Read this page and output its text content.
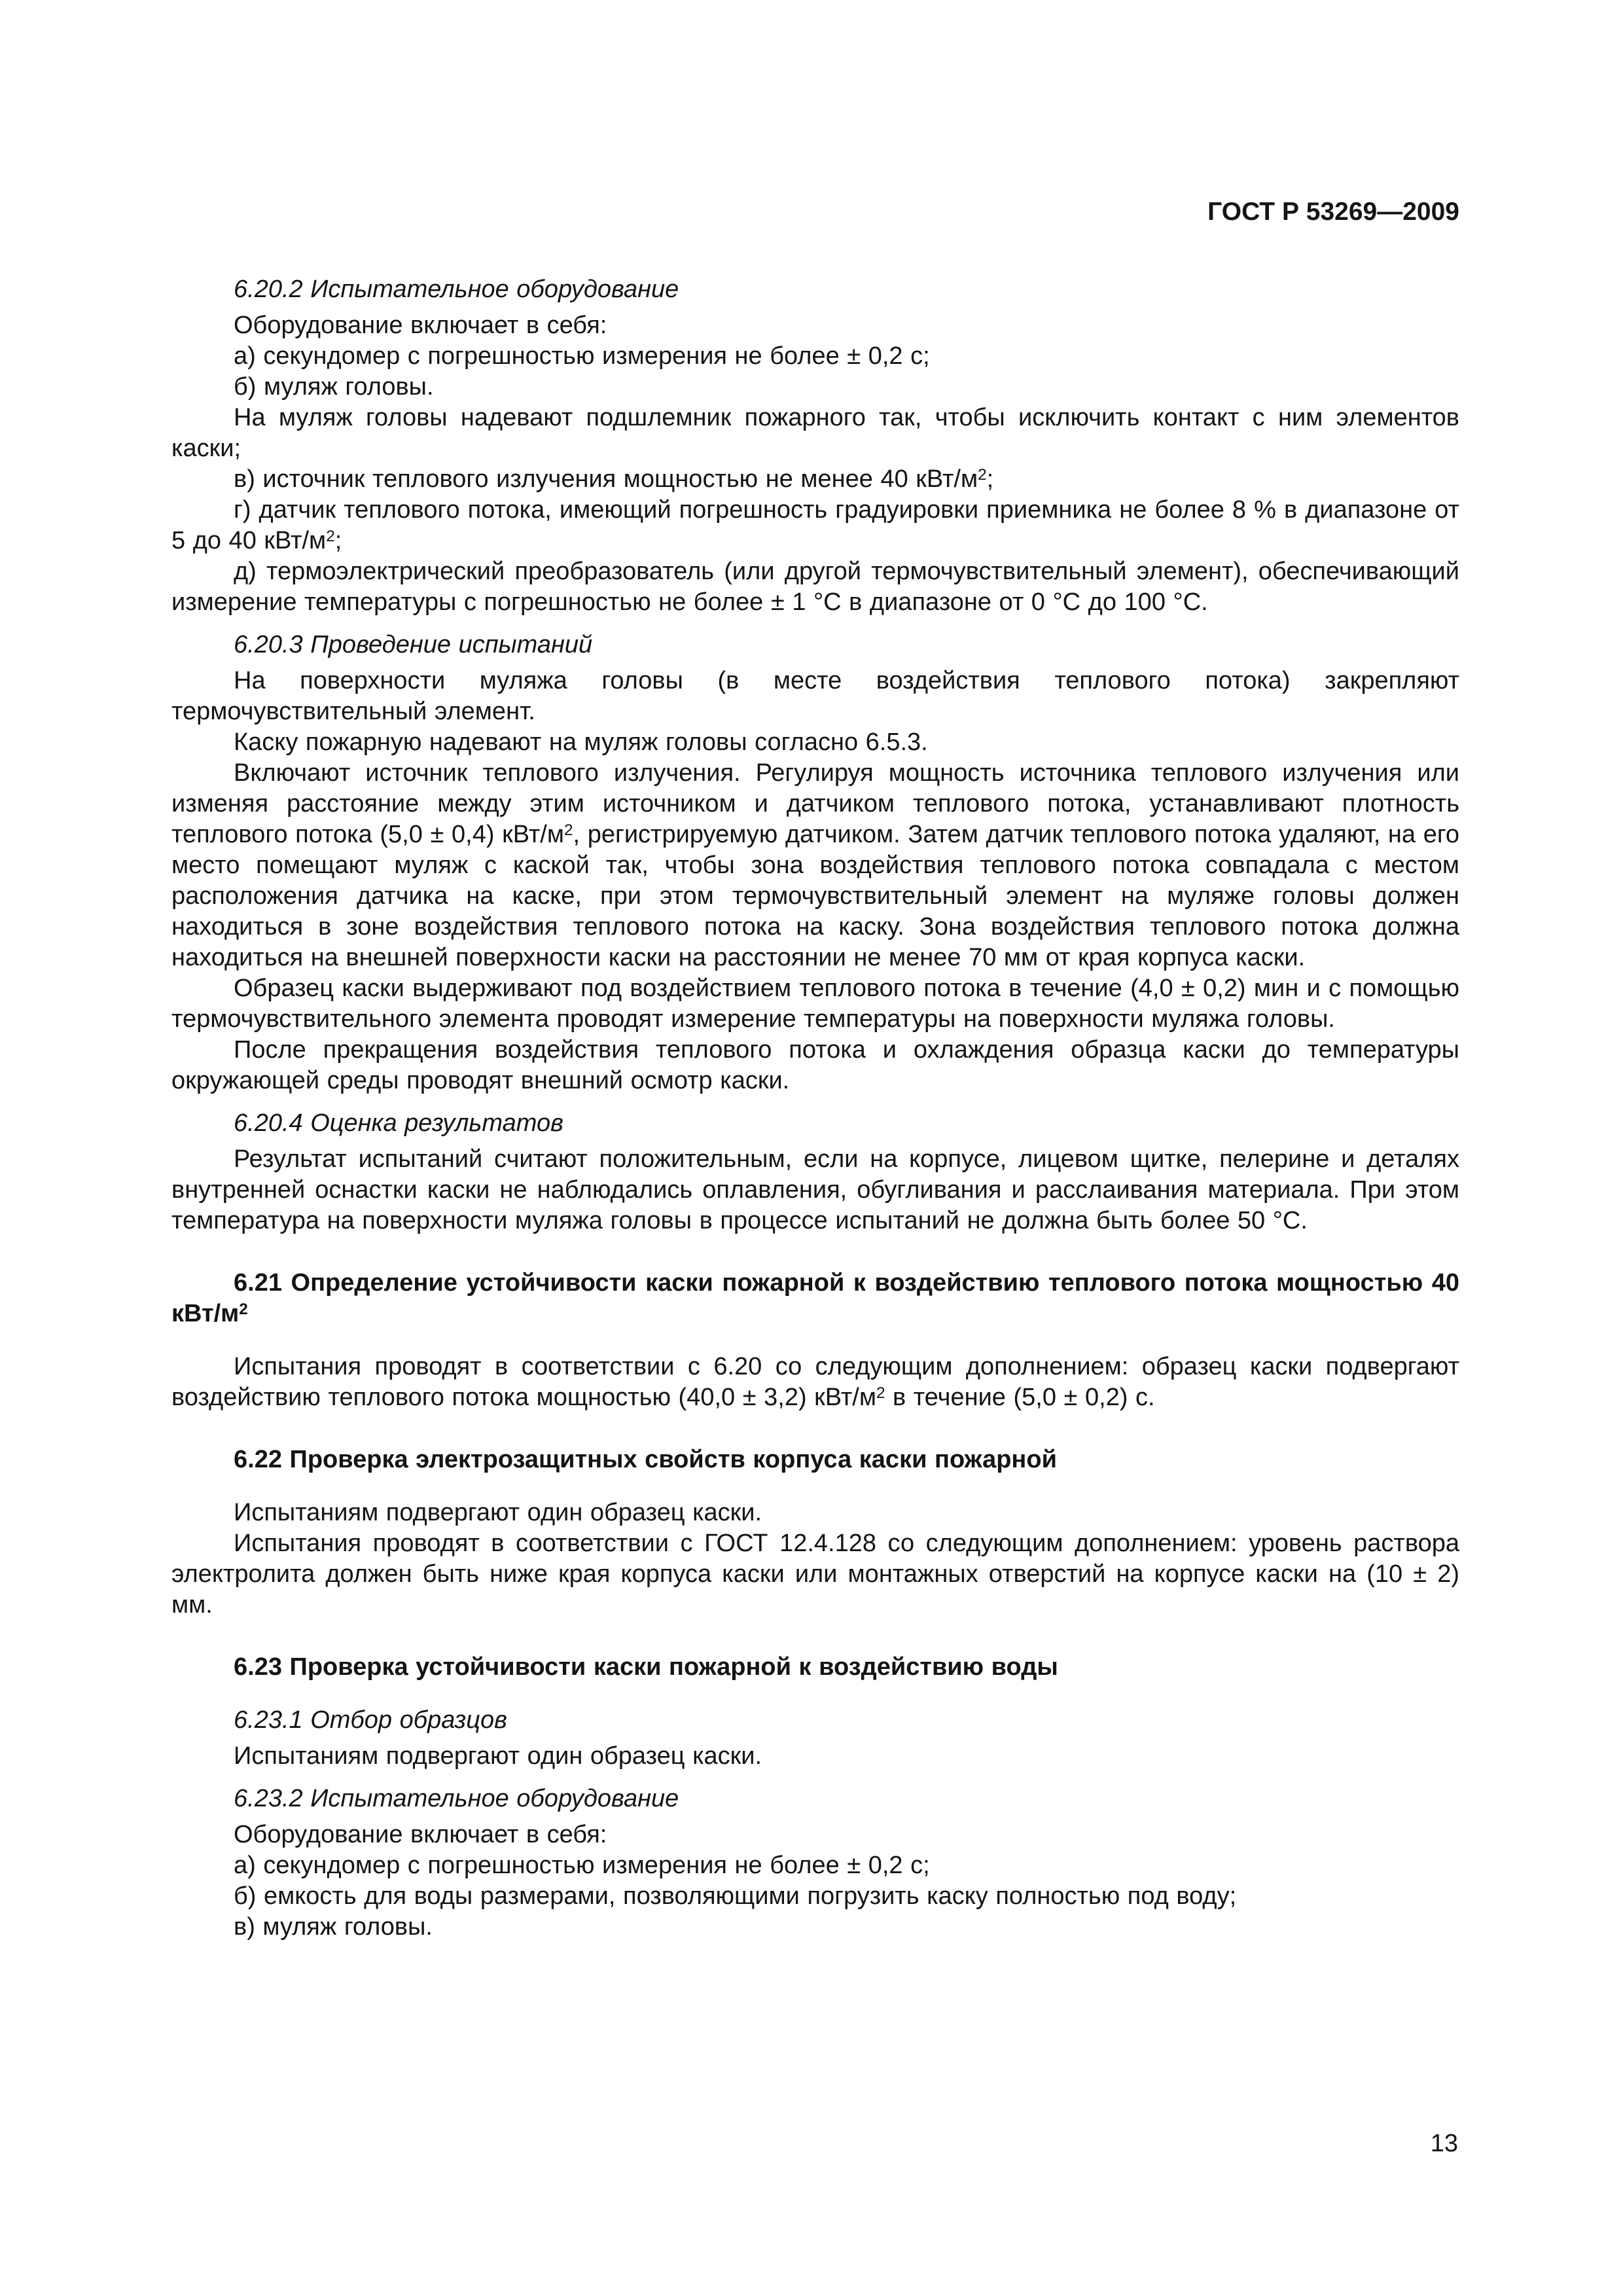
ГОСТ Р 53269—2009

6.20.2 Испытательное оборудование

Оборудование включает в себя:

а) секундомер с погрешностью измерения не более ± 0,2 с;

б) муляж головы.

На муляж головы надевают подшлемник пожарного так, чтобы исключить контакт с ним элементов каски;

в) источник теплового излучения мощностью не менее 40 кВт/$м^2$;

г) датчик теплового потока, имеющий погрешность градуировки приемника не более 8 % в диапазоне от 5 до 40 кВт/$м^2$;

д) термоэлектрический преобразователь (или другой термочувствительный элемент), обеспечивающий измерение температуры с погрешностью не более ± 1 °С в диапазоне от 0 °С до 100 °С.

6.20.3 Проведение испытаний

На поверхности муляжа головы (в месте воздействия теплового потока) закрепляют термочувствительный элемент.

Каску пожарную надевают на муляж головы согласно 6.5.3.

Включают источник теплового излучения. Регулируя мощность источника теплового излучения или изменяя расстояние между этим источником и датчиком теплового потока, устанавливают плотность теплового потока (5,0 ± 0,4) кВт/$м^2$, регистрируемую датчиком. Затем датчик теплового потока удаляют, на его место помещают муляж с каской так, чтобы зона воздействия теплового потока совпадала с местом расположения датчика на каске, при этом термочувствительный элемент на муляже головы должен находиться в зоне воздействия теплового потока на каску. Зона воздействия теплового потока должна находиться на внешней поверхности каски на расстоянии не менее 70 мм от края корпуса каски.

Образец каски выдерживают под воздействием теплового потока в течение (4,0 ± 0,2) мин и с помощью термочувствительного элемента проводят измерение температуры на поверхности муляжа головы.

После прекращения воздействия теплового потока и охлаждения образца каски до температуры окружающей среды проводят внешний осмотр каски.

6.20.4 Оценка результатов

Результат испытаний считают положительным, если на корпусе, лицевом щитке, пелерине и деталях внутренней оснастки каски не наблюдались оплавления, обугливания и расслаивания материала. При этом температура на поверхности муляжа головы в процессе испытаний не должна быть более 50 °С.

6.21 Определение устойчивости каски пожарной к воздействию теплового потока мощностью 40 кВт/$м^2$

Испытания проводят в соответствии с 6.20 со следующим дополнением: образец каски подвергают воздействию теплового потока мощностью (40,0 ± 3,2) кВт/$м^2$ в течение (5,0 ± 0,2) с.

6.22 Проверка электрозащитных свойств корпуса каски пожарной

Испытаниям подвергают один образец каски.

Испытания проводят в соответствии с ГОСТ 12.4.128 со следующим дополнением: уровень раствора электролита должен быть ниже края корпуса каски или монтажных отверстий на корпусе каски на (10 ± 2) мм.

6.23 Проверка устойчивости каски пожарной к воздействию воды

6.23.1 Отбор образцов

Испытаниям подвергают один образец каски.

6.23.2 Испытательное оборудование

Оборудование включает в себя:

а) секундомер с погрешностью измерения не более ± 0,2 с;

б) емкость для воды размерами, позволяющими погрузить каску полностью под воду;

в) муляж головы.

13
